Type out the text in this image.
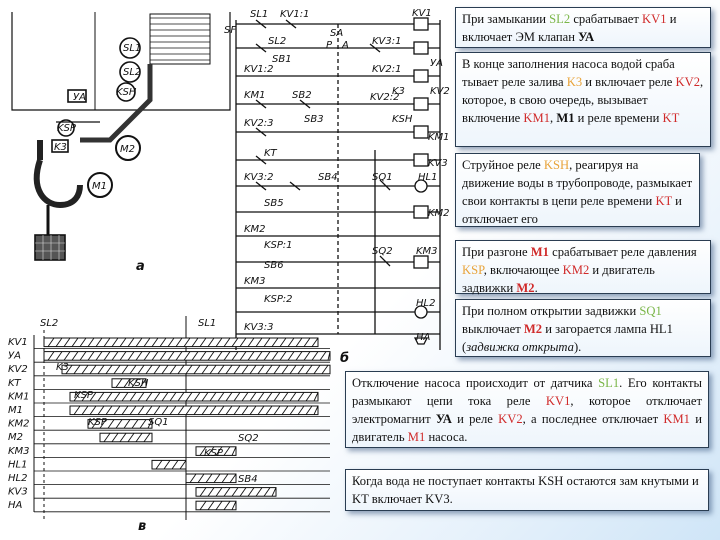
SL1
SL2
УА	KSH
KSP
K3	M2
M1
а
SF
SL1 KV1:1
SL2
SB1
KV1:2
KM1
KV2:3
KT
KV3:2
SB5
KM2
KM3
KSP:1
SB6
KSP:2
KV3:3
SB2
SB3
SB4
SA
P A
SQ1
SQ2
KV3:1
KV2:1
KV2:2
K3
KSH
KV1
УА
KV2
KM1
KV3
HL1
KM2
KM3
HL2
HA
б
KV1
УА
KV2
KT
KM1
M1
KM2
M2
KM3
HL1
HL2
KV3
HA
SL2	SL1
K3
KSH
KSP
KSP	SQ1
SQ2
KSP
SB4
в
При замыкании SL2 срабатывает KV1 и включает ЭМ клапан УА
В конце заполнения насоса водой сраба тывает реле залива K3 и включает реле KV2, которое, в свою очередь, вызывает включение KM1, M1 и реле времени KT
Струйное реле KSH, реагируя на движение воды в трубопроводе, размыкает свои контакты в цепи реле времени KT и отключает его
При разгоне M1 срабатывает реле давления KSP, включающее KM2 и двигатель задвижки M2.
При полном открытии задвижки SQ1 выключает M2 и загорается лампа HL1 (задвижка открыта).
Отключение насоса происходит от датчика SL1. Его контакты размыкают цепи тока реле KV1, которое отключает электромагнит УА и реле KV2, а последнее отключает KM1 и двигатель M1 насоса.
Когда вода не поступает контакты KSH остаются зам кнутыми и KT включает KV3.
